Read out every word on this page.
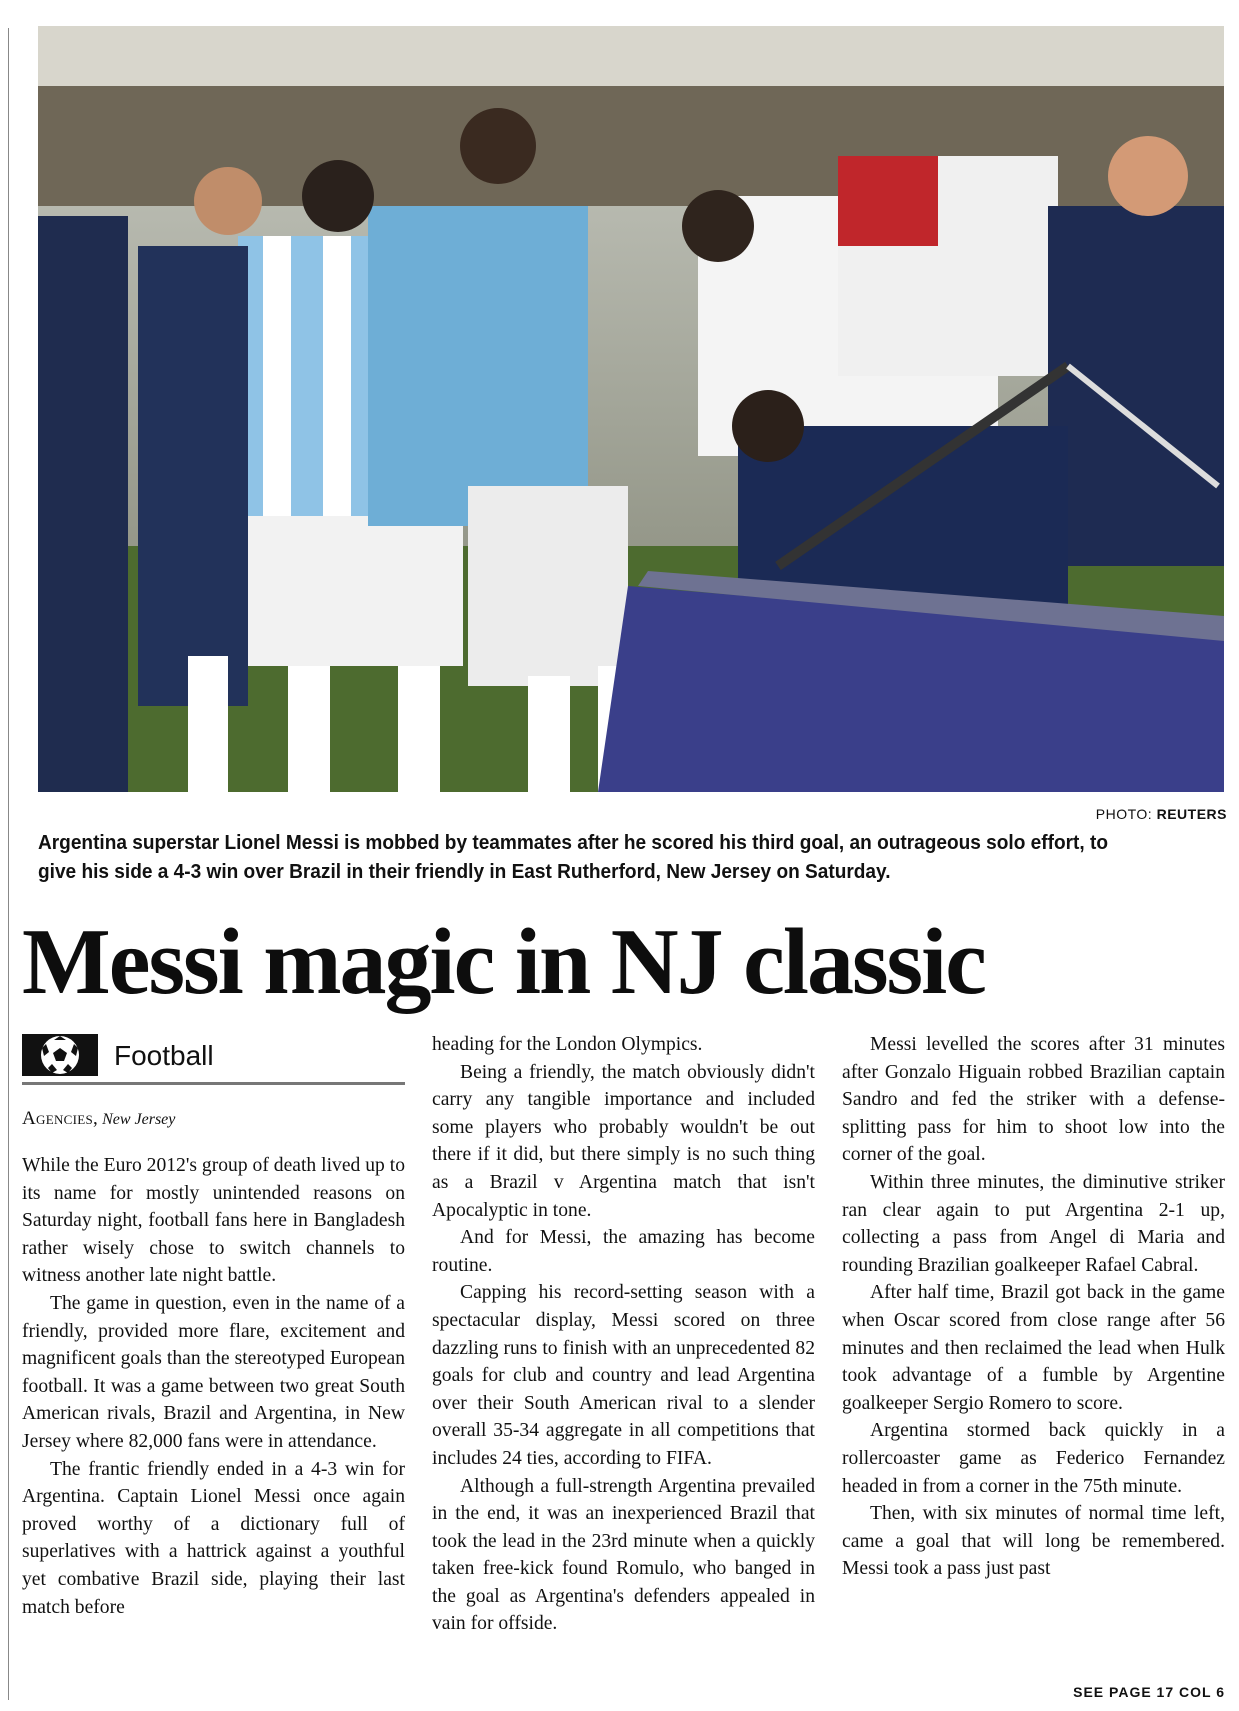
PHOTO: REUTERS
Argentina superstar Lionel Messi is mobbed by teammates after he scored his third goal, an outrageous solo effort, to give his side a 4-3 win over Brazil in their friendly in East Rutherford, New Jersey on Saturday.
Messi magic in NJ classic
Football
Agencies, New Jersey

While the Euro 2012's group of death lived up to its name for mostly unintended reasons on Saturday night, football fans here in Bangladesh rather wisely chose to switch channels to witness another late night battle.

The game in question, even in the name of a friendly, provided more flare, excitement and magnificent goals than the stereotyped European football. It was a game between two great South American rivals, Brazil and Argentina, in New Jersey where 82,000 fans were in attendance.

The frantic friendly ended in a 4-3 win for Argentina. Captain Lionel Messi once again proved worthy of a dictionary full of superlatives with a hattrick against a youthful yet combative Brazil side, playing their last match before

heading for the London Olympics.

Being a friendly, the match obviously didn't carry any tangible importance and included some players who probably wouldn't be out there if it did, but there simply is no such thing as a Brazil v Argentina match that isn't Apocalyptic in tone.

And for Messi, the amazing has become routine.

Capping his record-setting season with a spectacular display, Messi scored on three dazzling runs to finish with an unprecedented 82 goals for club and country and lead Argentina over their South American rival to a slender overall 35-34 aggregate in all competitions that includes 24 ties, according to FIFA.

Although a full-strength Argentina prevailed in the end, it was an inexperienced Brazil that took the lead in the 23rd minute when a quickly taken free-kick found Romulo, who banged in the goal as Argentina's defenders appealed in vain for offside.

Messi levelled the scores after 31 minutes after Gonzalo Higuain robbed Brazilian captain Sandro and fed the striker with a defense-splitting pass for him to shoot low into the corner of the goal.

Within three minutes, the diminutive striker ran clear again to put Argentina 2-1 up, collecting a pass from Angel di Maria and rounding Brazilian goalkeeper Rafael Cabral.

After half time, Brazil got back in the game when Oscar scored from close range after 56 minutes and then reclaimed the lead when Hulk took advantage of a fumble by Argentine goalkeeper Sergio Romero to score.

Argentina stormed back quickly in a rollercoaster game as Federico Fernandez headed in from a corner in the 75th minute.

Then, with six minutes of normal time left, came a goal that will long be remembered. Messi took a pass just past

SEE PAGE 17 COL 6
